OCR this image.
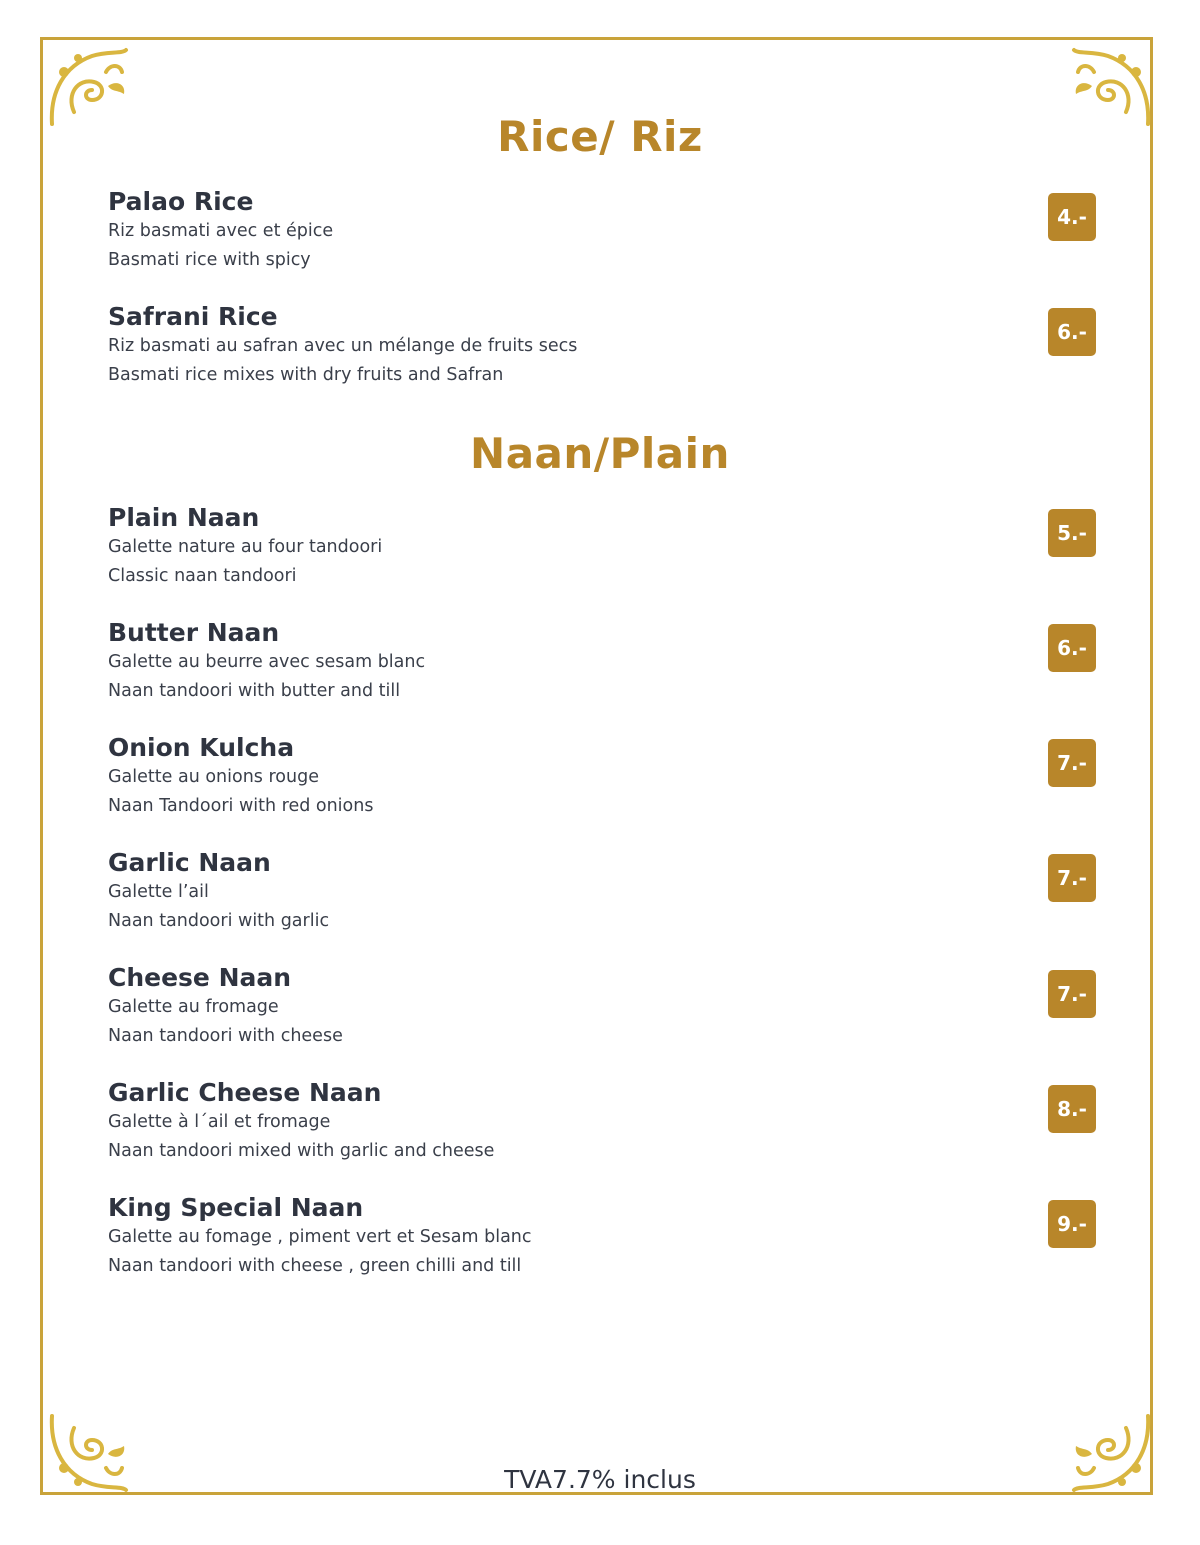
Rice/ Riz
Palao Rice
Riz basmati avec et épice
Basmati rice with spicy
4.-
Safrani Rice
Riz basmati au safran avec un mélange de fruits secs
Basmati rice mixes with dry fruits and Safran
6.-
Naan/Plain
Plain Naan
Galette nature au four tandoori
Classic naan tandoori
5.-
Butter Naan
Galette au beurre avec sesam blanc
Naan tandoori with butter and till
6.-
Onion Kulcha
Galette au onions rouge
Naan Tandoori with red onions
7.-
Garlic Naan
Galette l’ail
Naan tandoori with garlic
7.-
Cheese Naan
Galette au fromage
Naan tandoori with cheese
7.-
Garlic Cheese Naan
Galette à l´ail et fromage
Naan tandoori mixed with garlic and cheese
8.-
King Special Naan
Galette au fomage , piment vert et Sesam blanc
Naan tandoori with cheese , green chilli and till
9.-
TVA7.7% inclus
